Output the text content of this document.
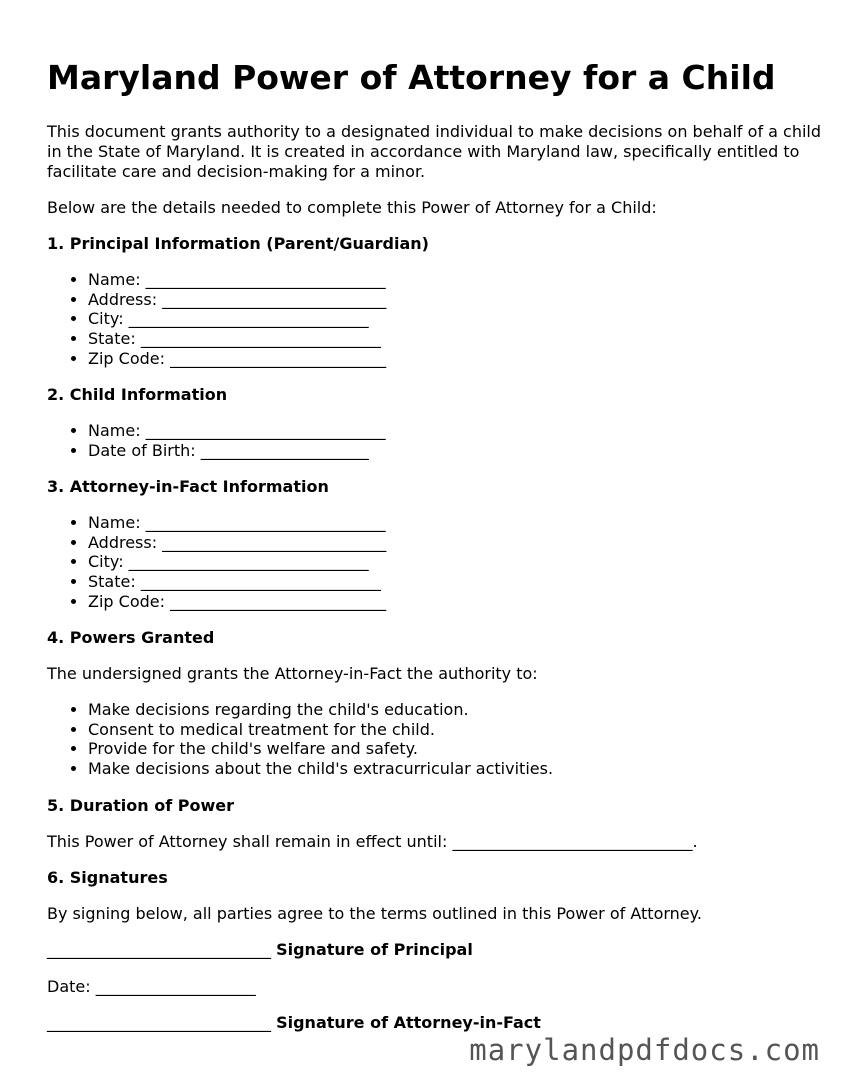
Maryland Power of Attorney for a Child

This document grants authority to a designated individual to make decisions on behalf of a child in the State of Maryland. It is created in accordance with Maryland law, specifically entitled to facilitate care and decision-making for a minor.

Below are the details needed to complete this Power of Attorney for a Child:

1. Principal Information (Parent/Guardian)
• Name: ______________________________
• Address: ____________________________
• City: ______________________________
• State: ______________________________
• Zip Code: ___________________________
2. Child Information
• Name: ______________________________
• Date of Birth: _____________________
3. Attorney-in-Fact Information
• Name: ______________________________
• Address: ____________________________
• City: ______________________________
• State: ______________________________
• Zip Code: ___________________________
4. Powers Granted

The undersigned grants the Attorney-in-Fact the authority to:

• Make decisions regarding the child's education.
• Consent to medical treatment for the child.
• Provide for the child's welfare and safety.
• Make decisions about the child's extracurricular activities.
5. Duration of Power

This Power of Attorney shall remain in effect until: ______________________________.

6. Signatures

By signing below, all parties agree to the terms outlined in this Power of Attorney.

____________________________ Signature of Principal

Date: ____________________

____________________________ Signature of Attorney-in-Fact
marylandpdfdocs.com
